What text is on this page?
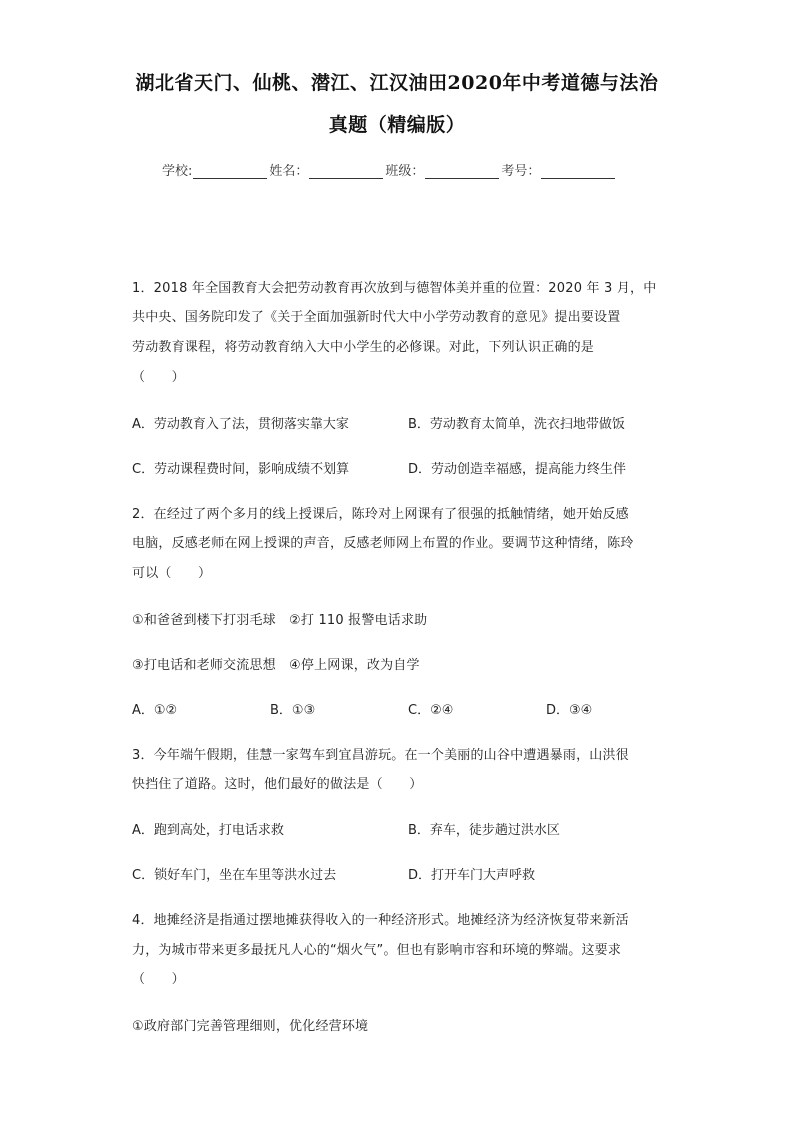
湖北省天门、仙桃、潜江、江汉油田2020年中考道德与法治
真题（精编版）
学校:	姓名：	班级：	考号：
1．2018 年全国教育大会把劳动教育再次放到与德智体美并重的位置：2020 年 3 月，中
共中央、国务院印发了《关于全面加强新时代大中小学劳动教育的意见》提出要设置
劳动教育课程，将劳动教育纳入大中小学生的必修课。对此，下列认识正确的是
（　　）
A．劳动教育入了法，贯彻落实靠大家	B．劳动教育太简单，洗衣扫地带做饭
C．劳动课程费时间，影响成绩不划算	D．劳动创造幸福感，提高能力终生伴
2．在经过了两个多月的线上授课后，陈玲对上网课有了很强的抵触情绪，她开始反感
电脑，反感老师在网上授课的声音，反感老师网上布置的作业。要调节这种情绪，陈玲
可以（　　）
①和爸爸到楼下打羽毛球　②打 110 报警电话求助
③打电话和老师交流思想　④停上网课，改为自学
A．①②	B．①③	C．②④	D．③④
3．今年端午假期，佳慧一家驾车到宜昌游玩。在一个美丽的山谷中遭遇暴雨，山洪很
快挡住了道路。这时，他们最好的做法是（　　）
A．跑到高处，打电话求救	B．弃车，徒步趟过洪水区
C．锁好车门，坐在车里等洪水过去	D．打开车门大声呼救
4．地摊经济是指通过摆地摊获得收入的一种经济形式。地摊经济为经济恢复带来新活
力，为城市带来更多最抚凡人心的“烟火气”。但也有影响市容和环境的弊端。这要求
（　　）
①政府部门完善管理细则，优化经营环境
